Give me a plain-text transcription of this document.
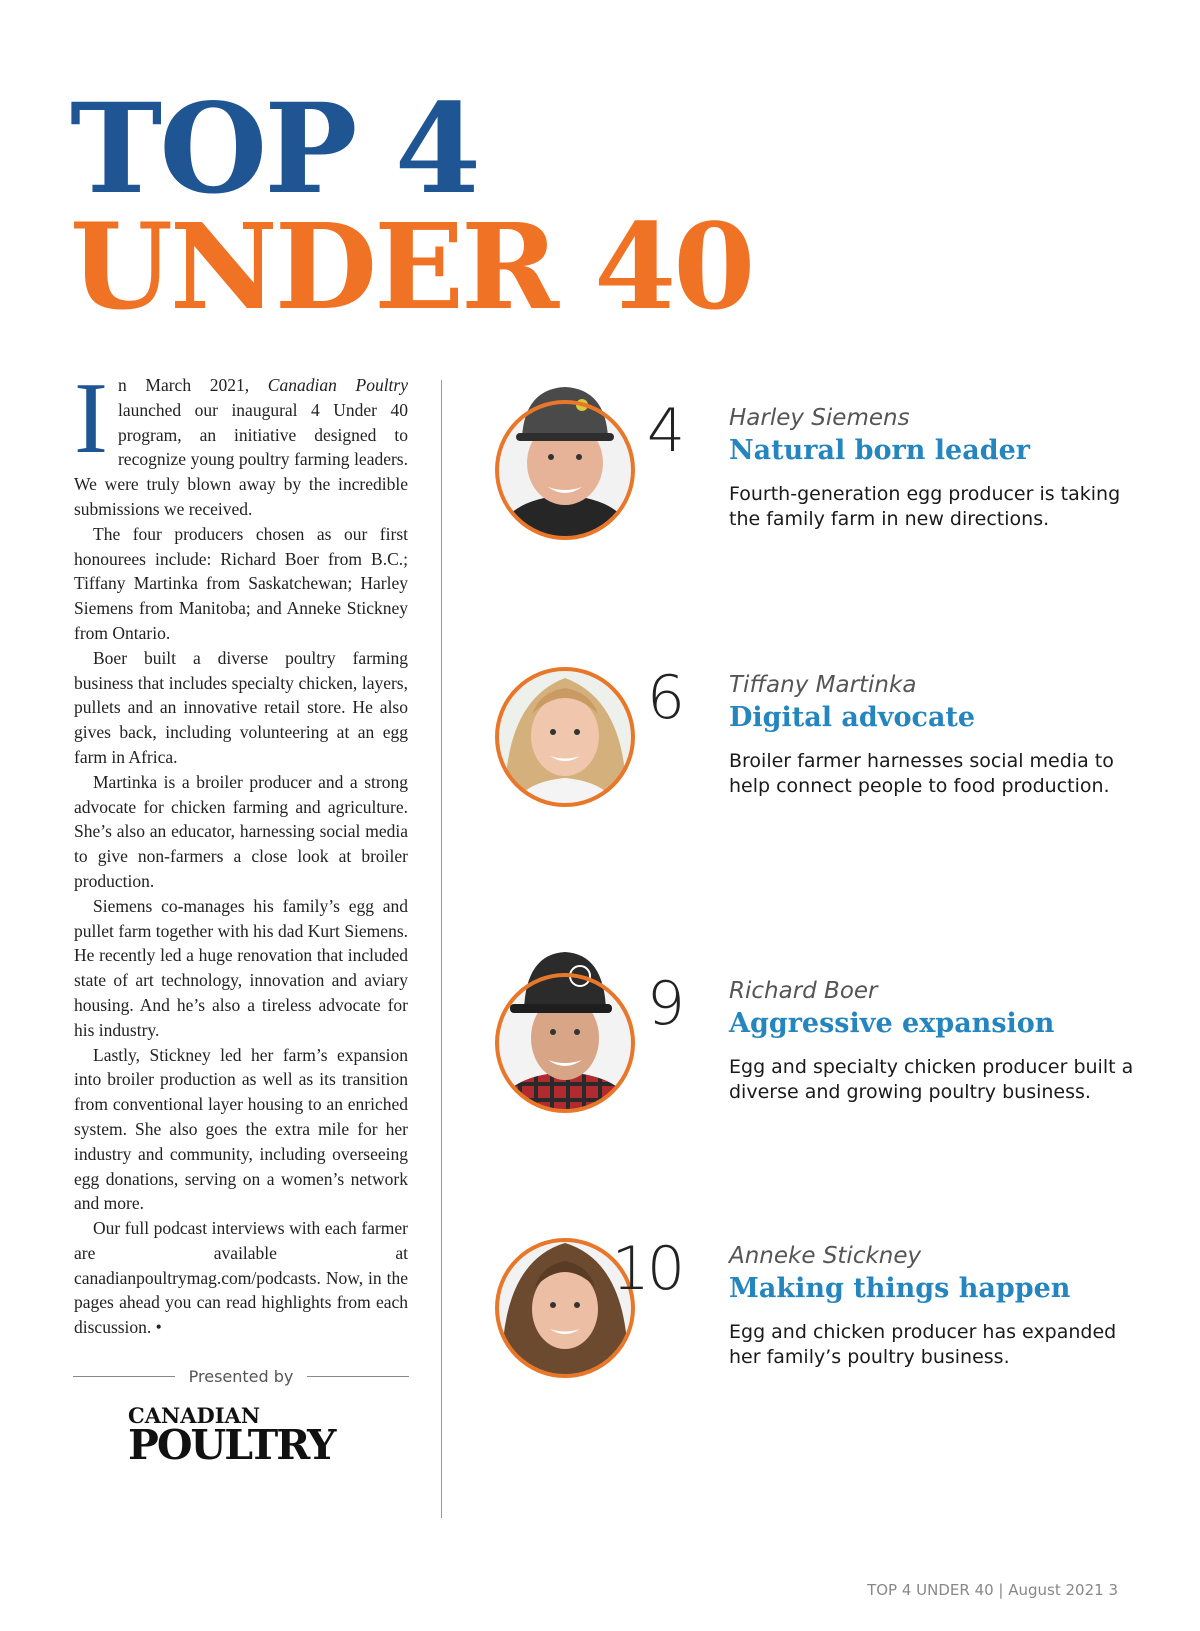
TOP 4
UNDER 40

In March 2021, Canadian Poultry launched our inaugural 4 Under 40 program, an initiative designed to recognize young poultry farming leaders. We were truly blown away by the incredible submissions we received.

The four producers chosen as our first honourees include: Richard Boer from B.C.; Tiffany Martinka from Saskatchewan; Harley Siemens from Manitoba; and Anneke Stickney from Ontario.

Boer built a diverse poultry farming business that includes specialty chicken, layers, pullets and an innovative retail store. He also gives back, including volunteering at an egg farm in Africa.

Martinka is a broiler producer and a strong advocate for chicken farming and agriculture. She’s also an educator, harnessing social media to give non-farmers a close look at broiler production.

Siemens co-manages his family’s egg and pullet farm together with his dad Kurt Siemens. He recently led a huge renovation that included state of art technology, innovation and aviary housing. And he’s also a tireless advocate for his industry.

Lastly, Stickney led her farm’s expansion into broiler production as well as its transition from conventional layer housing to an enriched system. She also goes the extra mile for her industry and community, including overseeing egg donations, serving on a women’s network and more.

Our full podcast interviews with each farmer are available at canadianpoultrymag.com/podcasts. Now, in the pages ahead you can read highlights from each discussion. •

Presented by
CANADIAN
POULTRY
4 Harley Siemens
Natural born leader
Fourth-generation egg producer is taking the family farm in new directions.
6 Tiffany Martinka
Digital advocate
Broiler farmer harnesses social media to help connect people to food production.
9 Richard Boer
Aggressive expansion
Egg and specialty chicken producer built a diverse and growing poultry business.
10 Anneke Stickney
Making things happen
Egg and chicken producer has expanded her family’s poultry business.
TOP 4 UNDER 40 | August 2021 3
